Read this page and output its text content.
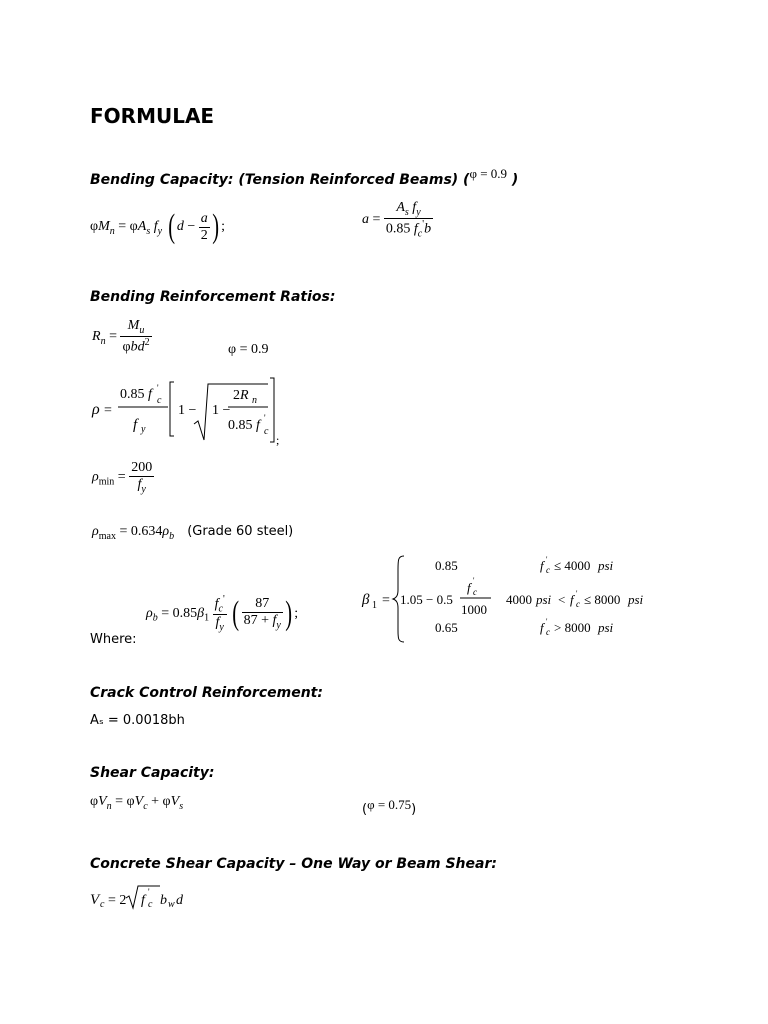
FORMULAE
Bending Capacity: (Tension Reinforced Beams) (φ = 0.9 )
$\varphi M_n = \varphi A_s$ $f_y$ ( $d - \frac{a}{2}$ ) ;	$a = \frac{A_s f_y}{0.85 f_c'b}$
Bending Reinforcement Ratios:
$R_n = \frac{M_u}{\varphi bd^2}$	φ = 0.9
ρ =
0.85 f c
'
f y
1 − 1 −
2R n
0.85 f c
'
;
$\rho_{min} = \frac{200}{f_y}$
$\rho_{max} = 0.634\rho_b$ (Grade 60 steel)
$\rho_b = 0.85\beta_1 \frac{f_c'}{f_y}$ ( $\frac{87}{87 + f_y}$ ) ;
Where:
β 1 =
0.85	f c
' ≤ 4000 psi
1.05 − 0.5
f c
'
1000
4000 psi < f c
' ≤ 8000 psi
0.65	f c
' > 8000 psi
Crack Control Reinforcement:
Aₛ = 0.0018bh
Shear Capacity:
$\varphi V_n = \varphi V_c + \varphi V_s$	($^{\varphi = 0.75}$)
Concrete Shear Capacity – One Way or Beam Shear:
V c = 2 f c
'
b w d
